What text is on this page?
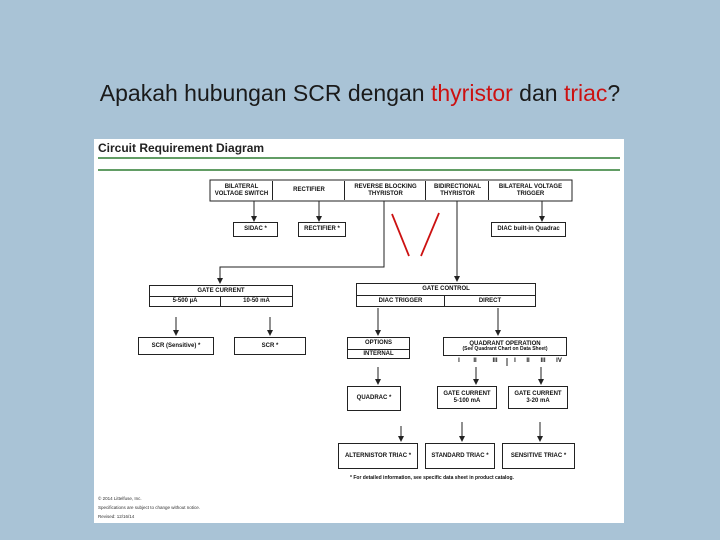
Apakah hubungan SCR dengan thyristor dan triac?
Circuit Requirement Diagram
BILATERAL VOLTAGE SWITCH
RECTIFIER
REVERSE BLOCKING THYRISTOR
BIDIRECTIONAL THYRISTOR
BILATERAL VOLTAGE TRIGGER
SIDAC *	RECTIFIER *	DIAC built-in Quadrac
GATE CURRENT
5-500 µA	10-50 mA
GATE CONTROL
DIAC TRIGGER	DIRECT
SCR (Sensitive) *	SCR *	OPTIONS
INTERNAL
QUADRANT OPERATION
(See Quadrant Chart on Data Sheet)
I	II	III	I	II	III	IV
QUADRAC *
GATE CURRENT
5-100 mA
GATE CURRENT
3-20 mA
ALTERNISTOR TRIAC *	STANDARD TRIAC *	SENSITIVE TRIAC *
* For detailed information, see specific data sheet in product catalog.
© 2014 Littelfuse, Inc.
Specifications are subject to change without notice.
Revised: 12/16/14
